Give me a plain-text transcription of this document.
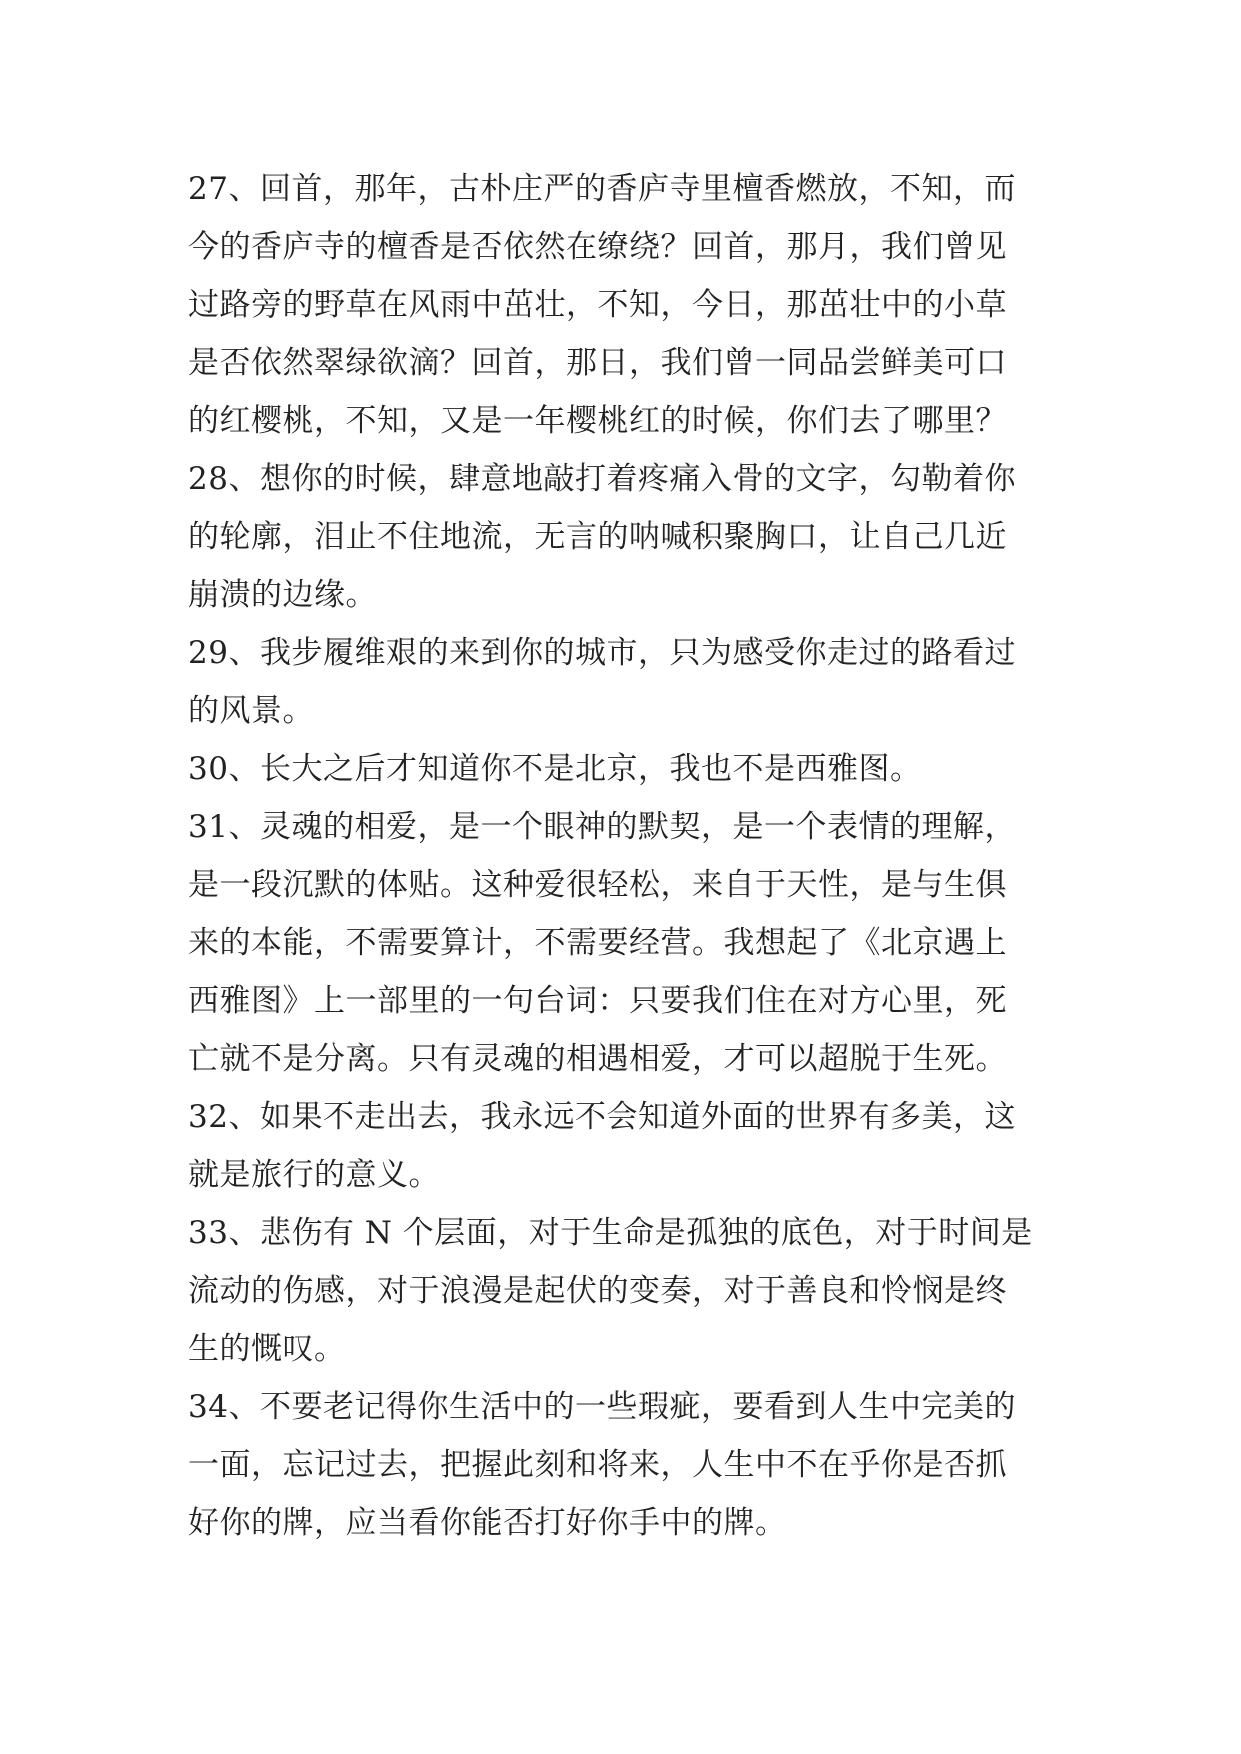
27、回首，那年，古朴庄严的香庐寺里檀香燃放，不知，而
今的香庐寺的檀香是否依然在缭绕？回首，那月，我们曾见
过路旁的野草在风雨中茁壮，不知，今日，那茁壮中的小草
是否依然翠绿欲滴？回首，那日，我们曾一同品尝鲜美可口
的红樱桃，不知，又是一年樱桃红的时候，你们去了哪里？
28、想你的时候，肆意地敲打着疼痛入骨的文字，勾勒着你
的轮廓，泪止不住地流，无言的呐喊积聚胸口，让自己几近
崩溃的边缘。
29、我步履维艰的来到你的城市，只为感受你走过的路看过
的风景。
30、长大之后才知道你不是北京，我也不是西雅图。
31、灵魂的相爱，是一个眼神的默契，是一个表情的理解，
是一段沉默的体贴。这种爱很轻松，来自于天性，是与生俱
来的本能，不需要算计，不需要经营。我想起了《北京遇上
西雅图》上一部里的一句台词：只要我们住在对方心里，死
亡就不是分离。只有灵魂的相遇相爱，才可以超脱于生死。
32、如果不走出去，我永远不会知道外面的世界有多美，这
就是旅行的意义。
33、悲伤有 N 个层面，对于生命是孤独的底色，对于时间是
流动的伤感，对于浪漫是起伏的变奏，对于善良和怜悯是终
生的慨叹。
34、不要老记得你生活中的一些瑕疵，要看到人生中完美的
一面，忘记过去，把握此刻和将来，人生中不在乎你是否抓
好你的牌，应当看你能否打好你手中的牌。
